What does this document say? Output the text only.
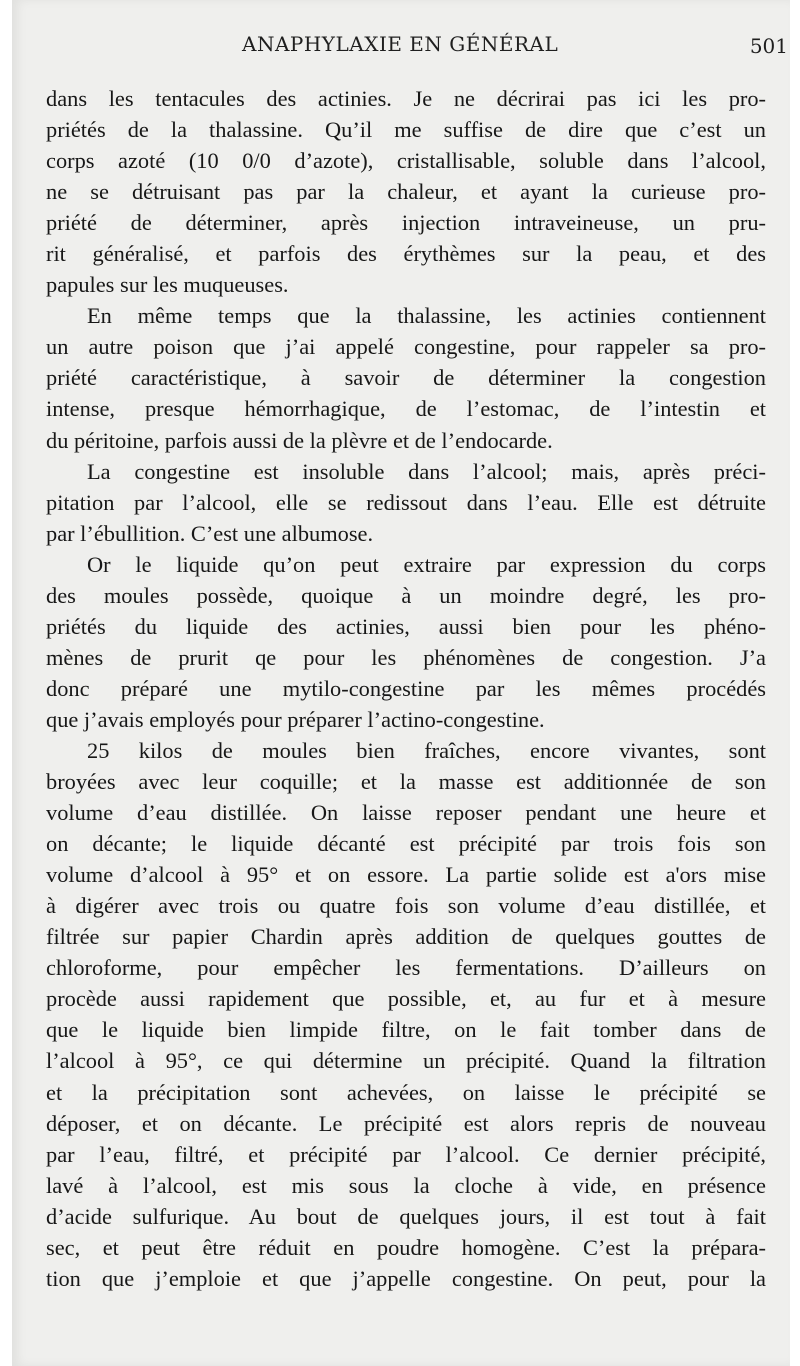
ANAPHYLAXIE EN GÉNÉRAL	501
dans les tentacules des actinies. Je ne décrirai pas ici les pro-
priétés de la thalassine. Qu’il me suffise de dire que c’est un
corps azoté (10 0/0 d’azote), cristallisable, soluble dans l’alcool,
ne se détruisant pas par la chaleur, et ayant la curieuse pro-
priété de déterminer, après injection intraveineuse, un pru-
rit généralisé, et parfois des érythèmes sur la peau, et des
papules sur les muqueuses.
En même temps que la thalassine, les actinies contiennent
un autre poison que j’ai appelé congestine, pour rappeler sa pro-
priété caractéristique, à savoir de déterminer la congestion
intense, presque hémorrhagique, de l’estomac, de l’intestin et
du péritoine, parfois aussi de la plèvre et de l’endocarde.
La congestine est insoluble dans l’alcool; mais, après préci-
pitation par l’alcool, elle se redissout dans l’eau. Elle est détruite
par l’ébullition. C’est une albumose.
Or le liquide qu’on peut extraire par expression du corps
des moules possède, quoique à un moindre degré, les pro-
priétés du liquide des actinies, aussi bien pour les phéno-
mènes de prurit qe pour les phénomènes de congestion. J’a
donc préparé une mytilo-congestine par les mêmes procédés
que j’avais employés pour préparer l’actino-congestine.
25 kilos de moules bien fraîches, encore vivantes, sont
broyées avec leur coquille; et la masse est additionnée de son
volume d’eau distillée. On laisse reposer pendant une heure et
on décante; le liquide décanté est précipité par trois fois son
volume d’alcool à 95° et on essore. La partie solide est a'ors mise
à digérer avec trois ou quatre fois son volume d’eau distillée, et
filtrée sur papier Chardin après addition de quelques gouttes de
chloroforme, pour empêcher les fermentations. D’ailleurs on
procède aussi rapidement que possible, et, au fur et à mesure
que le liquide bien limpide filtre, on le fait tomber dans de
l’alcool à 95°, ce qui détermine un précipité. Quand la filtration
et la précipitation sont achevées, on laisse le précipité se
déposer, et on décante. Le précipité est alors repris de nouveau
par l’eau, filtré, et précipité par l’alcool. Ce dernier précipité,
lavé à l’alcool, est mis sous la cloche à vide, en présence
d’acide sulfurique. Au bout de quelques jours, il est tout à fait
sec, et peut être réduit en poudre homogène. C’est la prépara-
tion que j’emploie et que j’appelle congestine. On peut, pour la
